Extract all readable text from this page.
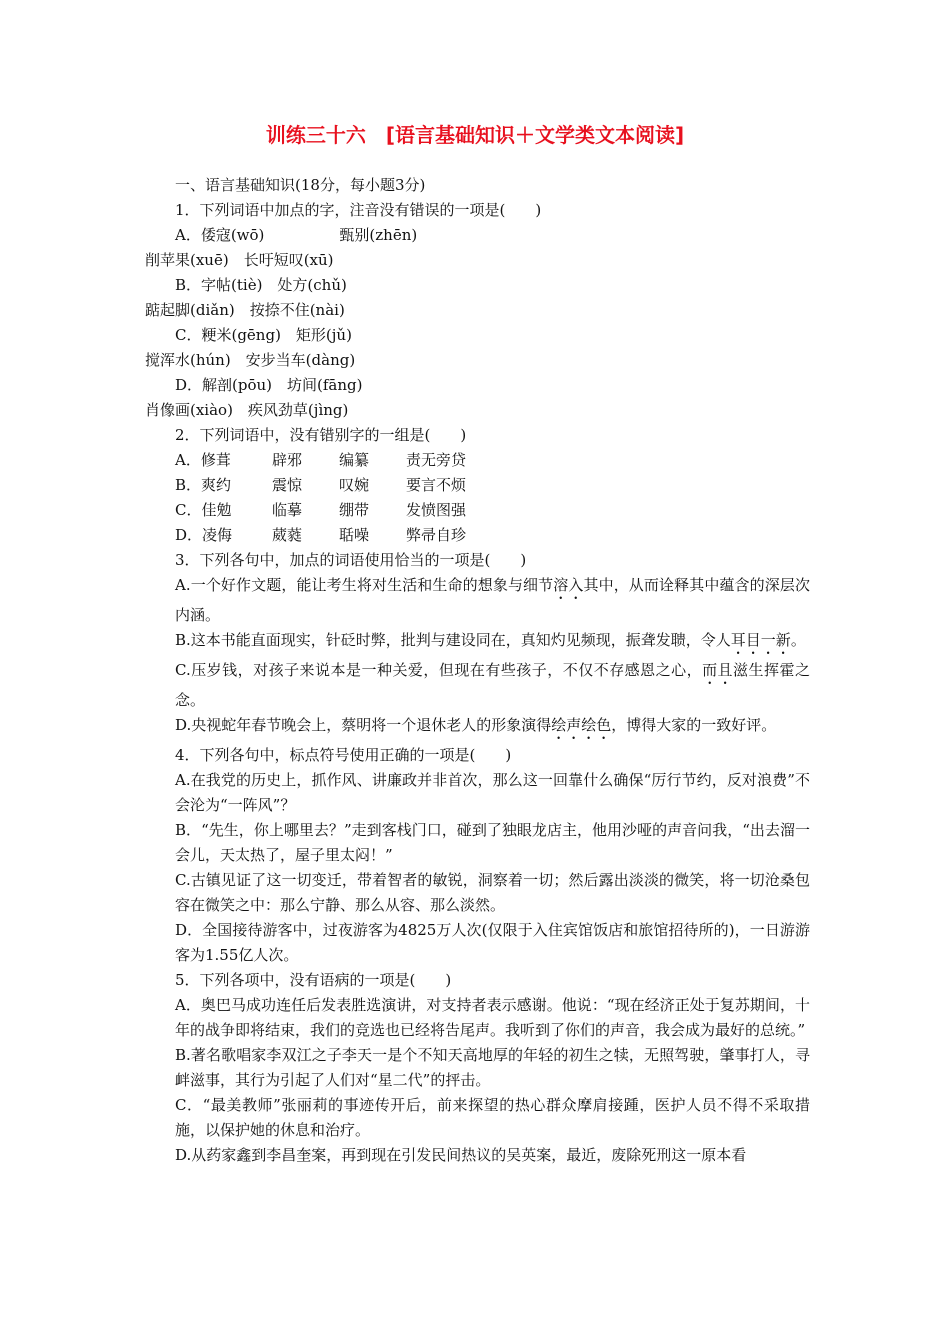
训练三十六　[语言基础知识＋文学类文本阅读]
一、语言基础知识(18分，每小题3分)
1．下列词语中加点的字，注音没有错误的一项是(　　)
A．倭寇(wō)　　　　　甄别(zhēn)
削苹果(xuē)　长吁短叹(xū)
B．字帖(tiè)　处方(chǔ)
踮起脚(diǎn)　按捺不住(nài)
C．粳米(gēng)　矩形(jǔ)
搅浑水(hún)　安步当车(dàng)
D．解剖(pōu)　坊间(fāng)
肖像画(xiào)　疾风劲草(jìng)
2．下列词语中，没有错别字的一组是(　　)
A．修葺	辟邪	编纂	责无旁贷
B．爽约	震惊	叹婉	要言不烦
C．佳勉	临摹	绷带	发愤图强
D．凌侮	葳蕤	聒噪	弊帚自珍
3．下列各句中，加点的词语使用恰当的一项是(　　)
A.一个好作文题，能让考生将对生活和生命的想象与细节溶入其中，从而诠释其中蕴含的深层次内涵。
B.这本书能直面现实，针砭时弊，批判与建设同在，真知灼见频现，振聋发聩，令人耳目一新。
C.压岁钱，对孩子来说本是一种关爱，但现在有些孩子，不仅不存感恩之心，而且滋生挥霍之念。
D.央视蛇年春节晚会上，蔡明将一个退休老人的形象演得绘声绘色，博得大家的一致好评。
4．下列各句中，标点符号使用正确的一项是(　　)
A.在我党的历史上，抓作风、讲廉政并非首次，那么这一回靠什么确保“厉行节约，反对浪费”不会沦为“一阵风”？
B．“先生，你上哪里去？”走到客栈门口，碰到了独眼龙店主，他用沙哑的声音问我，“出去溜一会儿，天太热了，屋子里太闷！”
C.古镇见证了这一切变迁，带着智者的敏锐，洞察着一切；然后露出淡淡的微笑，将一切沧桑包容在微笑之中：那么宁静、那么从容、那么淡然。
D．全国接待游客中，过夜游客为4825万人次(仅限于入住宾馆饭店和旅馆招待所的)，一日游游客为1.55亿人次。
5．下列各项中，没有语病的一项是(　　)
A．奥巴马成功连任后发表胜选演讲，对支持者表示感谢。他说：“现在经济正处于复苏期间，十年的战争即将结束，我们的竞选也已经将告尾声。我听到了你们的声音，我会成为最好的总统。”
B.著名歌唱家李双江之子李天一是个不知天高地厚的年轻的初生之犊，无照驾驶，肇事打人，寻衅滋事，其行为引起了人们对“星二代”的抨击。
C．“最美教师”张丽莉的事迹传开后，前来探望的热心群众摩肩接踵，医护人员不得不采取措施，以保护她的休息和治疗。
D.从药家鑫到李昌奎案，再到现在引发民间热议的吴英案，最近，废除死刑这一原本看
